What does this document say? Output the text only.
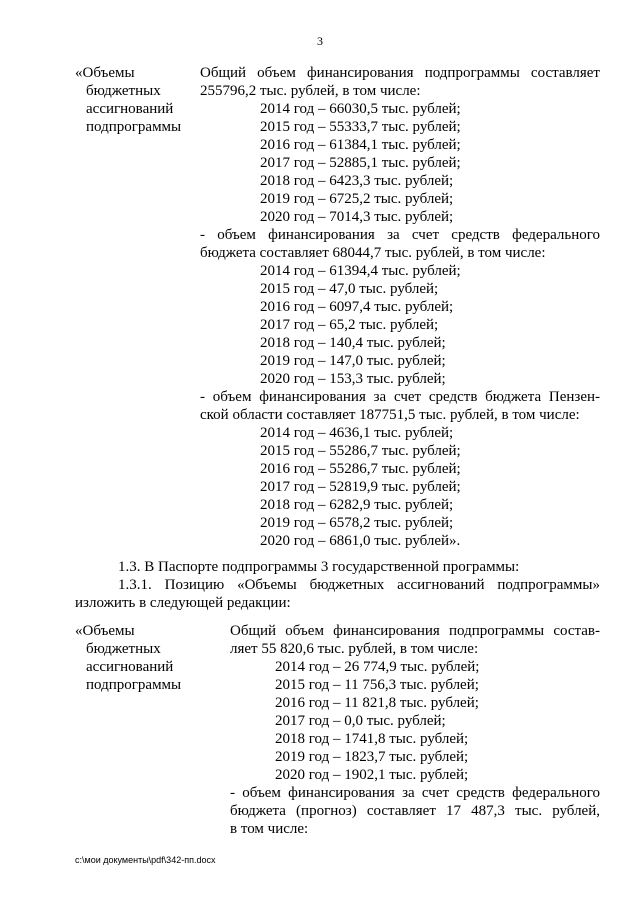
3
«Объемы
бюджетных
ассигнований
подпрограммы
Общий объем финансирования подпрограммы составляет
255796,2 тыс. рублей, в том числе:
2014 год – 66030,5 тыс. рублей;
2015 год – 55333,7 тыс. рублей;
2016 год – 61384,1 тыс. рублей;
2017 год – 52885,1 тыс. рублей;
2018 год – 6423,3 тыс. рублей;
2019 год – 6725,2 тыс. рублей;
2020 год – 7014,3 тыс. рублей;
- объем финансирования за счет средств федерального
бюджета составляет 68044,7 тыс. рублей, в том числе:
2014 год – 61394,4 тыс. рублей;
2015 год – 47,0 тыс. рублей;
2016 год – 6097,4 тыс. рублей;
2017 год – 65,2 тыс. рублей;
2018 год – 140,4 тыс. рублей;
2019 год – 147,0 тыс. рублей;
2020 год – 153,3 тыс. рублей;
- объем финансирования за счет средств бюджета Пензен-
ской области составляет 187751,5 тыс. рублей, в том числе:
2014 год – 4636,1 тыс. рублей;
2015 год – 55286,7 тыс. рублей;
2016 год – 55286,7 тыс. рублей;
2017 год – 52819,9 тыс. рублей;
2018 год – 6282,9 тыс. рублей;
2019 год – 6578,2 тыс. рублей;
2020 год – 6861,0 тыс. рублей».
1.3. В Паспорте подпрограммы 3 государственной программы:
1.3.1. Позицию «Объемы бюджетных ассигнований подпрограммы»
изложить в следующей редакции:
«Объемы
бюджетных
ассигнований
подпрограммы
Общий объем финансирования подпрограммы состав-
ляет 55 820,6 тыс. рублей, в том числе:
2014 год – 26 774,9 тыс. рублей;
2015 год – 11 756,3 тыс. рублей;
2016 год – 11 821,8 тыс. рублей;
2017 год – 0,0 тыс. рублей;
2018 год – 1741,8 тыс. рублей;
2019 год – 1823,7 тыс. рублей;
2020 год – 1902,1 тыс. рублей;
- объем финансирования за счет средств федерального
бюджета (прогноз) составляет 17 487,3 тыс. рублей,
в том числе:
c:\мои документы\pdf\342-пп.docx
